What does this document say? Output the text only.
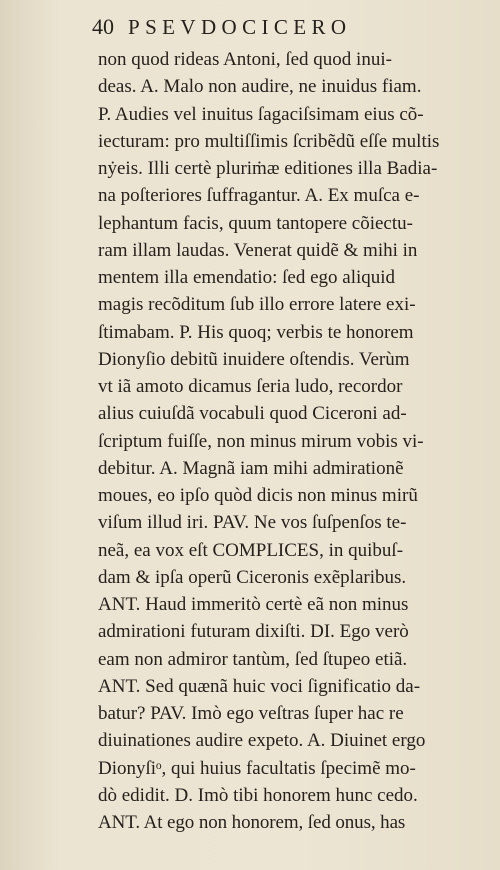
40 PSEVDOCICERO
non quod rideas Antoni, ſed quod inui-
deas. A. Malo non audire, ne inuidus fiam.
P. Audies vel inuitus ſagaciſsimam eius cõ-
iecturam: pro multiſſimis ſcribẽdũ eſſe multis
nẏeis. Illi certè pluriṁæ editiones illa Badia-
na poſteriores ſuffragantur. A. Ex muſca e-
lephantum facis, quum tantopere cõiectu-
ram illam laudas. Venerat quidẽ & mihi in
mentem illa emendatio: ſed ego aliquid
magis recõditum ſub illo errore latere exi-
ſtimabam. P. His quoq; verbis te honorem
Dionyſio debitũ inuidere oſtendis. Verùm
vt iã amoto dicamus ſeria ludo, recordor
alius cuiuſdã vocabuli quod Ciceroni ad-
ſcriptum fuiſſe, non minus mirum vobis vi-
debitur. A. Magnã iam mihi admirationẽ
moues, eo ipſo quòd dicis non minus mirũ
viſum illud iri. PAV. Ne vos ſuſpenſos te-
neã, ea vox eſt COMPLICES, in quibuſ-
dam & ipſa operũ Ciceronis exẽplaribus.
ANT. Haud immeritò certè eã non minus
admirationi futuram dixiſti. DI. Ego verò
eam non admiror tantùm, ſed ſtupeo etiã.
ANT. Sed quænã huic voci ſignificatio da-
batur? PAV. Imò ego veſtras ſuper hac re
diuinationes audire expeto. A. Diuinet ergo
Dionyſiᵒ, qui huius facultatis ſpecimẽ mo-
dò edidit. D. Imò tibi honorem hunc cedo.
ANT. At ego non honorem, ſed onus, has
